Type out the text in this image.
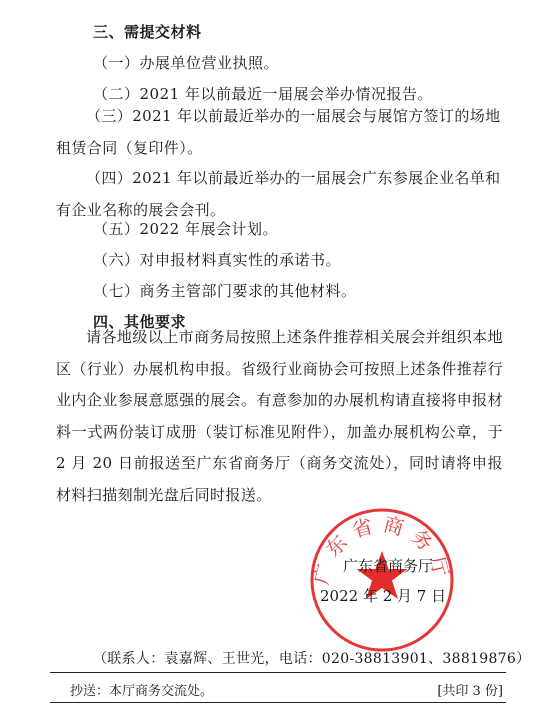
三、需提交材料
（一）办展单位营业执照。
（二）2021 年以前最近一届展会举办情况报告。
（三）2021 年以前最近举办的一届展会与展馆方签订的场地租赁合同（复印件）。
（四）2021 年以前最近举办的一届展会广东参展企业名单和有企业名称的展会会刊。
（五）2022 年展会计划。
（六）对申报材料真实性的承诺书。
（七）商务主管部门要求的其他材料。
四、其他要求
请各地级以上市商务局按照上述条件推荐相关展会并组织本地区（行业）办展机构申报。省级行业商协会可按照上述条件推荐行业内企业参展意愿强的展会。有意参加的办展机构请直接将申报材料一式两份装订成册（装订标准见附件），加盖办展机构公章，于 2 月 20 日前报送至广东省商务厅（商务交流处），同时请将申报材料扫描刻制光盘后同时报送。
广东省商务厅
广东省商务厅
2022 年 2 月 7 日
（联系人：袁嘉辉、王世光，电话：020-38813901、38819876）
抄送：本厅商务交流处。	[共印 3 份]
